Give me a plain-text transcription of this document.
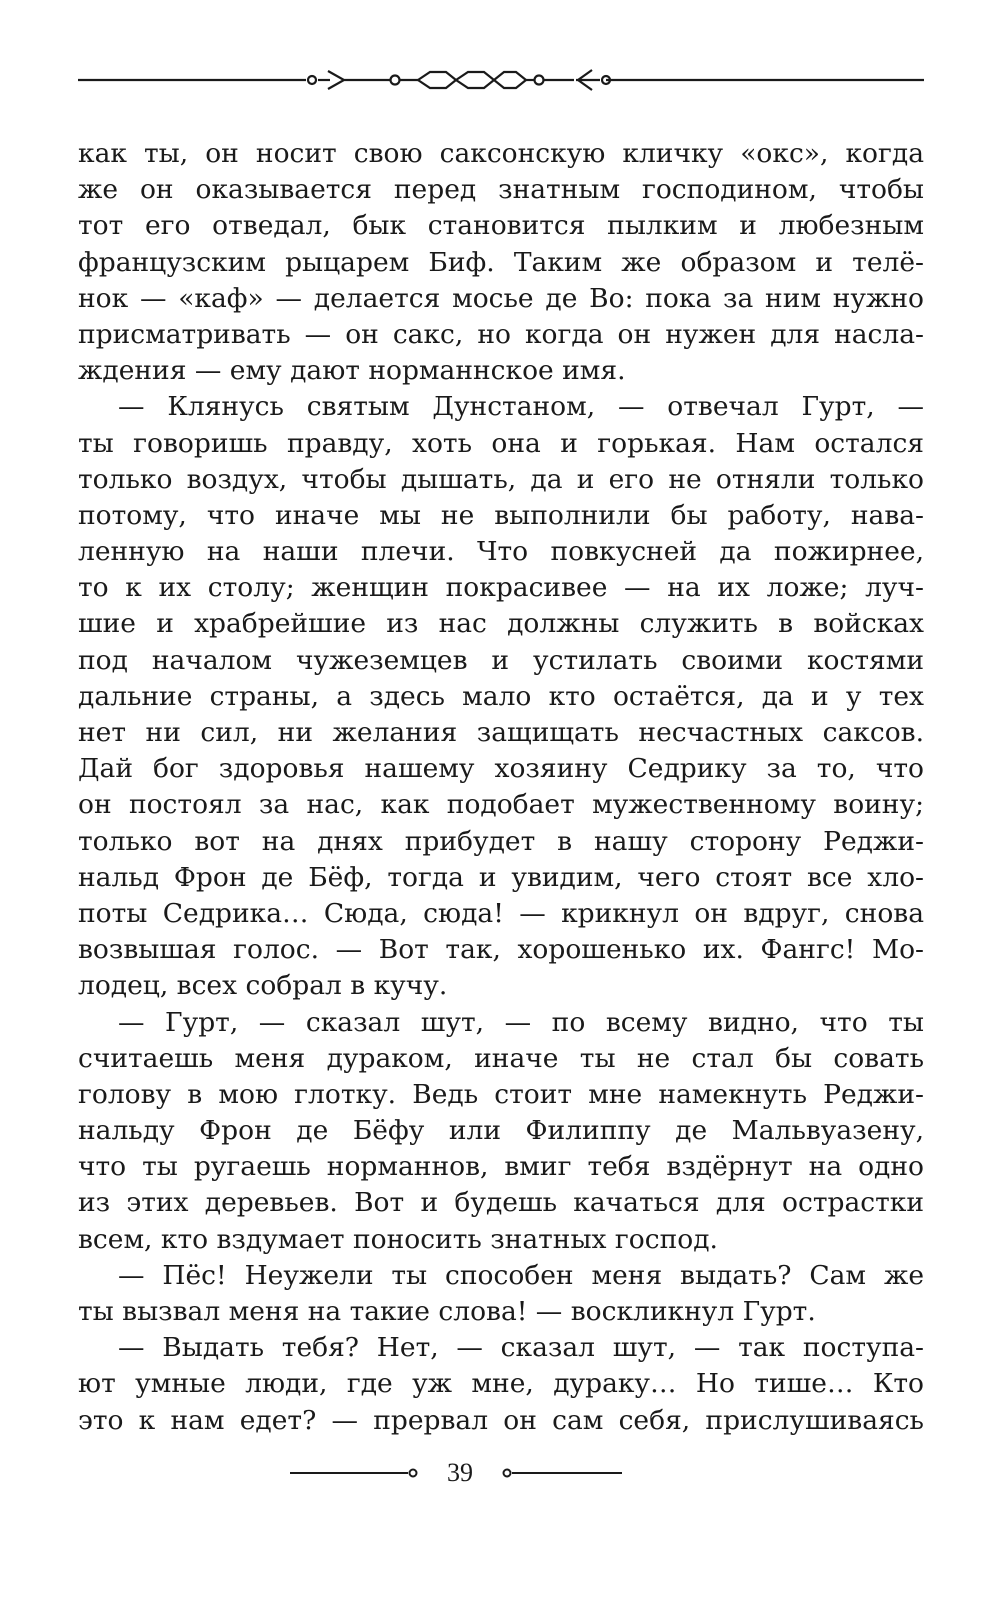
как ты, он носит свою саксонскую кличку «окс», когда
же он оказывается перед знатным господином, чтобы
тот его отведал, бык становится пылким и любезным
французским рыцарем Биф. Таким же образом и телё-
нок — «каф» — делается мосье де Во: пока за ним нужно
присматривать — он сакс, но когда он нужен для насла-
ждения — ему дают норманнское имя.
— Клянусь святым Дунстаном, — отвечал Гурт, —
ты говоришь правду, хоть она и горькая. Нам остался
только воздух, чтобы дышать, да и его не отняли только
потому, что иначе мы не выполнили бы работу, нава-
ленную на наши плечи. Что повкусней да пожирнее,
то к их столу; женщин покрасивее — на их ложе; луч-
шие и храбрейшие из нас должны служить в войсках
под началом чужеземцев и устилать своими костями
дальние страны, а здесь мало кто остаётся, да и у тех
нет ни сил, ни желания защищать несчастных саксов.
Дай бог здоровья нашему хозяину Седрику за то, что
он постоял за нас, как подобает мужественному воину;
только вот на днях прибудет в нашу сторону Реджи-
нальд Фрон де Бёф, тогда и увидим, чего стоят все хло-
поты Седрика… Сюда, сюда! — крикнул он вдруг, снова
возвышая голос. — Вот так, хорошенько их. Фангс! Мо-
лодец, всех собрал в кучу.
— Гурт, — сказал шут, — по всему видно, что ты
считаешь меня дураком, иначе ты не стал бы совать
голову в мою глотку. Ведь стоит мне намекнуть Реджи-
нальду Фрон де Бёфу или Филиппу де Мальвуазену,
что ты ругаешь норманнов, вмиг тебя вздёрнут на одно
из этих деревьев. Вот и будешь качаться для острастки
всем, кто вздумает поносить знатных господ.
— Пёс! Неужели ты способен меня выдать? Сам же
ты вызвал меня на такие слова! — воскликнул Гурт.
— Выдать тебя? Нет, — сказал шут, — так поступа-
ют умные люди, где уж мне, дураку… Но тише… Кто
это к нам едет? — прервал он сам себя, прислушиваясь
39
